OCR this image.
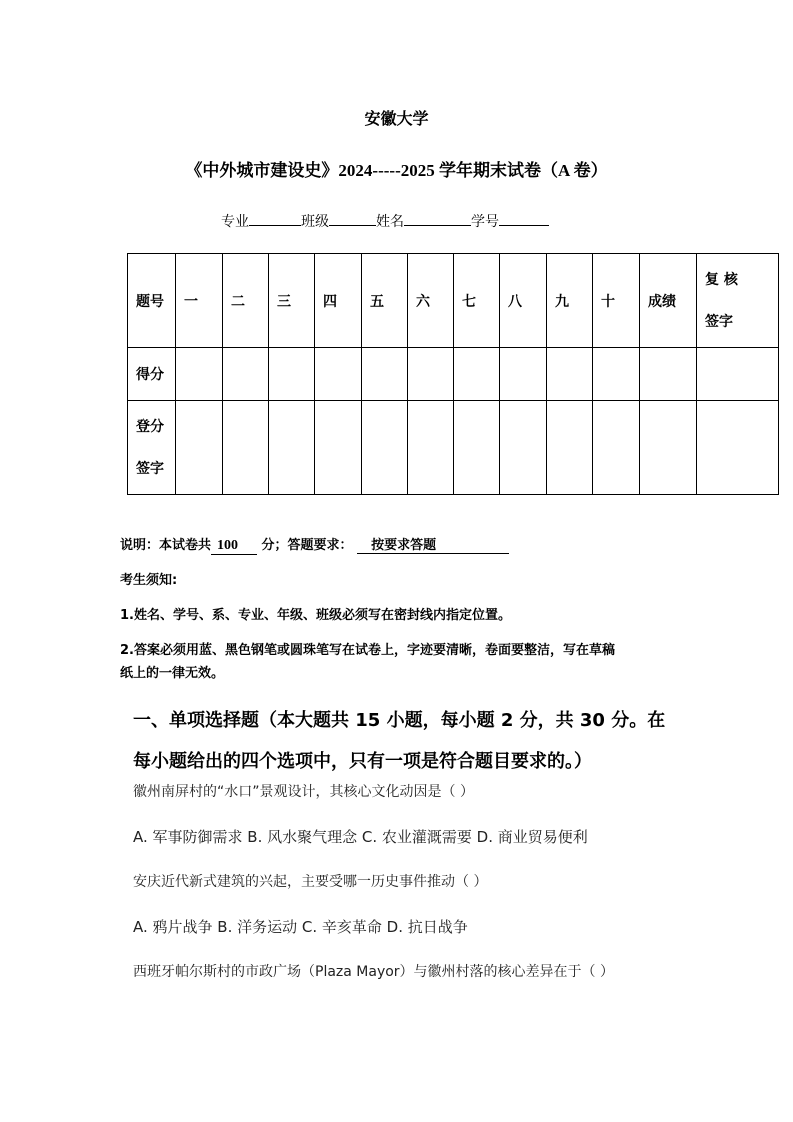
安徽大学
《中外城市建设史》2024-----2025 学年期末试卷（A 卷）
专业	班级	姓名	学号
题号	一	二	三	四	五	六	七	八	九	十	成绩	复 核
签字

得分												

登分
签字												

说明：本试卷共 100 分；答题要求： 按要求答题
考生须知:
1.姓名、学号、系、专业、年级、班级必须写在密封线内指定位置。
2.答案必须用蓝、黑色钢笔或圆珠笔写在试卷上，字迹要清晰，卷面要整洁，写在草稿
纸上的一律无效。
一、单项选择题（本大题共 15 小题，每小题 2 分，共 30 分。在
每小题给出的四个选项中，只有一项是符合题目要求的。）
徽州南屏村的“水口”景观设计，其核心文化动因是（ ）
A. 军事防御需求 B. 风水聚气理念 C. 农业灌溉需要 D. 商业贸易便利
安庆近代新式建筑的兴起，主要受哪一历史事件推动（ ）
A. 鸦片战争 B. 洋务运动 C. 辛亥革命 D. 抗日战争
西班牙帕尔斯村的市政广场（Plaza Mayor）与徽州村落的核心差异在于（ ）
